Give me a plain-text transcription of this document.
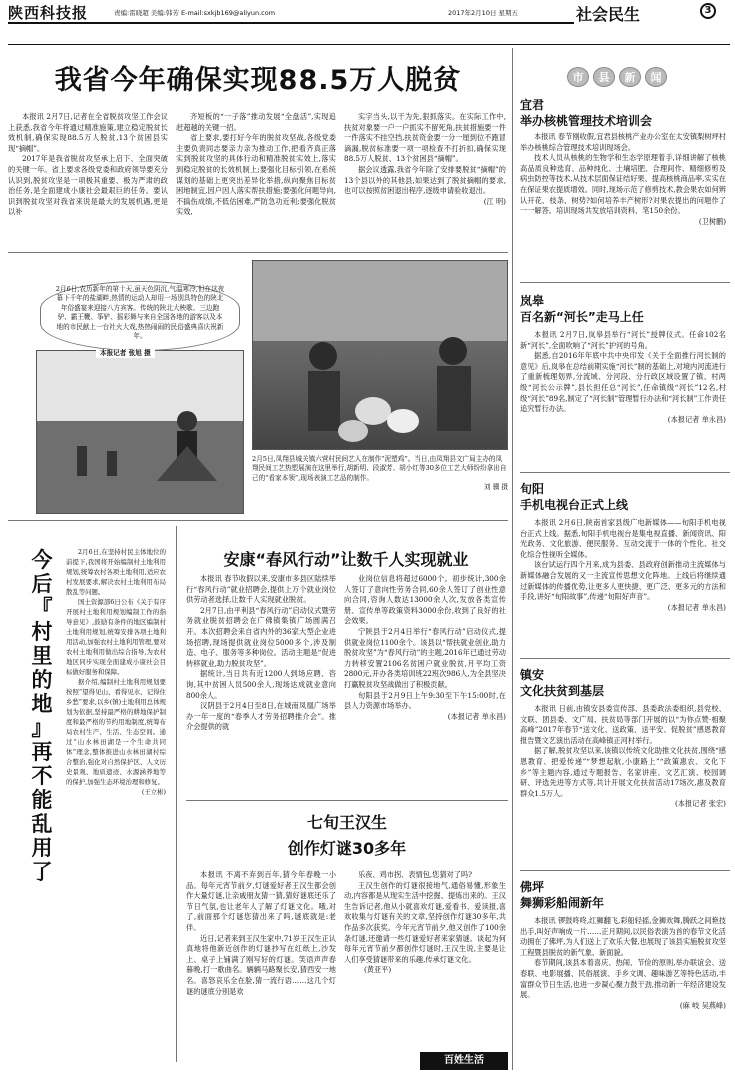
陕西科技报	责编:雷晓超 美编:韩芳 E-mail:sxkjb169@aliyun.com	2017年2月10日 星期五	社会民生	3
我省今年确保实现88.5万人脱贫

本报讯 2月7日,记者在全省脱贫攻坚工作会议上获悉,我省今年将通过精准施策,建立稳定脱贫长效机制,确保实现88.5万人脱贫,13个贫困县实现“摘帽”。

2017年是我省脱贫攻坚承上启下、全面突破的关键一年。省上要求各级党委和政府领导要充分认识到,脱贫攻坚是一项极其重要、极为严肃的政治任务,是全面建成小康社会最艰巨的任务。要认识到脱贫攻坚对我省来说是最大的发展机遇,更是以补

齐短板的“一子落”推动发展“全盘活”,实现追赶超越的关键一招。

省上要求,要打好今年的脱贫攻坚战,各级党委主要负责同志要亲力亲为推动工作,把看齐真正落实到脱贫攻坚的具体行动和精准脱贫实效上,落实到稳定脱贫的长效机制上;要强化目标引领,在系统谋划的基础上更突出差异化举措,纵向聚焦目标贫困地制宜,因户因人落实帮扶措施;要强化问题导向,不搞伤成绩,不低估困难,严防急功近利;要强化脱贫实效,

实字当头,以干为先,狠抓落实。在实际工作中,扶贫对象要一户一户抓实不留死角,扶贫措施要一件一件落实不挂空挡,扶贫资金要一分一厘到位不跑冒滴漏,脱贫标准要一项一项检查不打折扣,确保实现88.5万人脱贫、13个贫困县“摘帽”。

据会议透露,我省今年除了安排要脱贫“摘帽”的13个县以外的其他县,如果达到了脱贫摘帽的要求,也可以按照贫困退出程序,逐级申请验收退出。

(江 明)
2月6日,农历新年的第十天,虽天色阴沉,气温寒冷,但在这夜幕下千年的盐湖畔,热情的运动人却用一场别具特色的陕北年俗盛宴来迎接八方宾客。传统的陕北大秧歌、三边跑驴、霸王鞭、筝铲、摇彩舞与来自全国各地的游客以及本地的市民献上一台社火大戏,热热闹闹的民俗盛典喜庆祝新年。
本报记者 张旭 摄
2月5日,凤翔县城关镇六营村民间艺人在制作“泥塑鸡”。当日,由凤翔县文广局主办的凤翔民间工艺热塑展演在这里举行,胡新明、段淑芳、胡小红等30多位工艺大师纷纷拿出自己的“看家本领”,现场表演工艺品的制作。
刘 骥 摄
今
后
『
村
里
的
地
』
再
不
能
乱
用
了

2月6日,在坚持村民主体地位的前提下,我国将开始编制村土地利用规划,统筹农村各项土地利用,适应农村发展要求,解决农村土地利用布局散乱等问题。

国土资源部6日公布《关于有序开展村土地利用规划编制工作的指导意见》,鼓励有条件的地区编制村土地利用规划,统筹安排各项土地利用活动,加强农村土地利用管理,要对农村土地利用做出综合指导,为农村地区同步实现全面建成小康社会目标做好服务和保障。

据介绍,编制村土地利用规划要按照“望得见山、看得见水、记得住乡愁”要求,以乡(镇)土地利用总体规划为依据,坚持最严格的耕地保护制度和最严格的节约用地制度,统筹布局农村生产、生活、生态空间。通过“山水林田湖是一个生命共同体”理念,整体推进山水林田湖村综合整治,强化对自然保护区、人文历史景观、地质遗迹、水源涵养地等的保护,加强生态环境治理和修复。

(王立彬)
安康“春风行动”让数千人实现就业

本报讯 春节收假以来,安康市多县区陆续举行“春风行动”就业招聘会,提供上万个就业岗位供劳动者选择,让数千人实现就业脱贫。

2月7日,由平利县“春风行动”启动仪式暨劳务就业脱贫招聘会在广佛镇集镇广场圆满召开。本次招聘会来自省内外的36家大型企业进场招聘,现场提供就业岗位5000多个,涉及制造、电子、服务等多种岗位。活动主题是“促进转移就业,助力脱贫攻坚”。

据统计,当日共有近1200人到场应聘、咨询,其中贫困人员500余人,现场达成就业意向800余人。

汉阴县于2月4日至8日,在城南凤凰广场举办一年一度的“春季人才劳务招聘推介会”。推介会提供的就

业岗位信息将超过6000个。初步统计,300余人签订了意向性劳务合同,60余人签订了创业性意向合同,咨询人数达13000余人次,发放各类宣传册、宣传单等政策资料3000余份,收到了良好的社会效果。

宁陕县于2月4日举行“春风行动”启动仪式,提供就业岗位1100余个。该县以“帮扶就业创业,助力脱贫攻坚”为“春风行动”的主题,2016年已通过劳动力转移安置2106名贫困户就业脱贫,月平均工资2800元,开办各类培训班22班次986人,为全县坚决打赢脱贫攻坚战做出了积极贡献。

旬阳县于2月9日上午9:30至下午15:00时,在县人力资源市场举办。

(本报记者 单永昌)
七旬王汉生
创作灯谜30多年

本报讯 不离不弃到百年,猜今年春晚一小品。每年元宵节前夕,灯谜爱好者王汉生都会创作大量灯谜,让亲戚朋友猜一猜,猜好谜底还乐了节日气氛,也让老年人了解了灯谜文化。哦,对了,前面那个灯谜您猜出来了吗,谜底就是:老伴。

近日,记者来到王汉生家中,71岁王汉生正认真地将他新近创作的灯谜抄写在红纸上,沙发上、桌子上铺满了刚写好的灯谜。笑语声声春暮晚,打一歌曲名。辆辆马路聚长安,猜西安一地名。喜怒哀乐全在脸,猜一流行语……这几个灯谜的谜底分别是欢

乐夜、鸡市拐、表情包,您猜对了吗?

王汉生创作的灯谜很接地气,通俗易懂,形象生动,内容都是从现实生活中挖掘、提炼出来的。王汉生告诉记者,他从小就喜欢灯谜,爱看书、爱读报,喜欢收集与灯谜有关的文章,坚持创作灯谜30多年,共作品多次获奖。今年元宵节前夕,他又创作了100余条灯谜,还邀请一些灯谜爱好者来家猜谜。谈起为何每年元宵节前夕都创作灯谜时,王汉生说,主要是让人们享受猜谜带来的乐趣,传承灯谜文化。

(黄亚平)
百姓生活
市	县	新	闻
宜君
举办核桃管理技术培训会

本报讯 春节刚收假,宜君县核桃产业办公室在太安镇梨树坪村举办核桃综合管理技术培训现场会。

技术人员从核桃的生物学和生态学原理着手,详细讲解了核桃高品质良种选育、品种纯化、土壤培肥、合理间作、精细修剪及病虫防控等技术,从技术层面保证结好果、提高核桃商品率,实实在在保证果农提质增效。同时,现场示范了修剪技术,教会果农如何辨认开花、枝条、树势?如何培养丰产树形?对果农提出的问题作了一一解答。培训现场共发放培训资料、笔150余份。

(卫树鹏)
岚皋
百名新“河长”走马上任

本报讯 2月7日,岚皋县举行“河长”授牌仪式。任命102名新“河长”,全面吹响了“河长”护河的号角。

据悉,自2016年年底中共中央印发《关于全面推行河长制的意见》后,岚皋在总结前期实施“河长”制的基础上,对境内河流进行了重新梳理划界,分流域、分河段、分行政区域设置了镇、村两级“河长公示牌”,县长担任总“河长”,任命镇级“河长”12名,村级“河长”89名,制定了“河长制”管理暂行办法和“河长制”工作责任追究暂行办法。

(本报记者 单永昌)
旬阳
手机电视台正式上线

本报讯 2月6日,陕南首家县级广电新媒体——旬阳手机电视台正式上线。据悉,旬阳手机电视台是集电视直播、新闻资讯、阳光政务、文化旅游、便民服务、互动交流于一体的个性化、社交化综合性视听全媒体。

该台试运行四个月来,成为县委、县政府创新推动主流媒体与新媒体融合发展的又一主流宣传思想文化阵地。上线后将继续通过新媒体的传播优势,让更多人更快捷、更广泛、更多元的方法和手段,讲好“旬阳故事”,传递“旬阳好声音”。

(本报记者 单永昌)
镇安
文化扶贫到基层

本报讯 日前,由镇安县委宣传部、县委政法委组织,县党校、文联、团县委、文广局、扶贫局等部门开展的以“为你点赞·相聚高峰”2017年春节“送文化、送政策、送平安、促脱贫”感恩教育报告暨文艺演出活动在高峰镇正河村举行。

据了解,脱贫攻坚以来,该镇以传统文化助推文化扶贫,围绕“感恩教育、把爱传递”“梦想起航,小康路上”“政策惠农、文化下乡”等主题内容,通过专题报告、名家讲座、文艺汇演、校园调研、评选先进等方式等,共计开展文化扶贫活动17场次,惠及教育群众1.5万人。

(本报记者 张宏)
佛坪
舞狮彩船闹新年

本报讯 锣鼓咚咚,红狮翻飞,彩船轻摇,金狮欢舞,腾跃之间艳技出手,叫好声响成一片……正月期间,以民俗表演为首的春节文化活动拥在了佛坪,为人们送上了欢乐大餐,也展现了该县实施脱贫攻坚工程暨县脱贫的新气象、新面貌。

春节期间,该县本着喜庆、热闹、节俭的原则,举办联谊会、送春联、电影展播、民俗展演、手乡文调、趣味游艺等特色活动,丰富群众节日生活,也进一步凝心聚力鼓干劲,推动新一年经济建设发展。

(麻 岐 吴燕峰)
